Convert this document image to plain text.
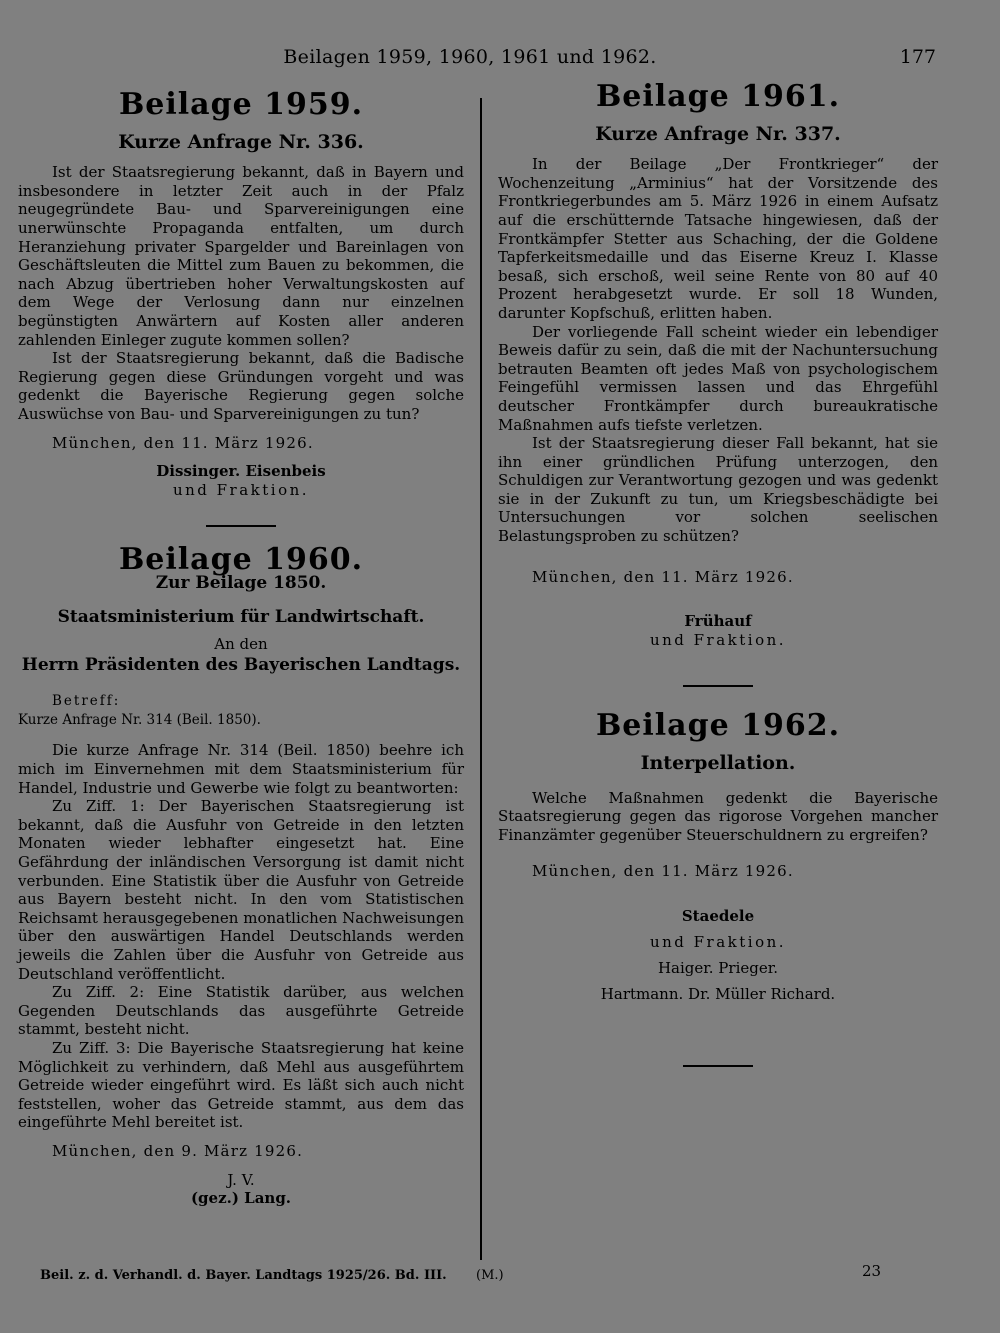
Beilagen 1959, 1960, 1961 und 1962.	177
Beilage 1959.
Kurze Anfrage Nr. 336.

Ist der Staatsregierung bekannt, daß in Bayern und insbesondere in letzter Zeit auch in der Pfalz neugegründete Bau- und Sparvereinigungen eine unerwünschte Propaganda entfalten, um durch Heranziehung privater Spargelder und Bareinlagen von Geschäftsleuten die Mittel zum Bauen zu bekommen, die nach Abzug übertrieben hoher Verwaltungskosten auf dem Wege der Verlosung dann nur einzelnen begünstigten Anwärtern auf Kosten aller anderen zahlenden Einleger zugute kommen sollen?

Ist der Staatsregierung bekannt, daß die Badische Regierung gegen diese Gründungen vorgeht und was gedenkt die Bayerische Regierung gegen solche Auswüchse von Bau- und Sparvereinigungen zu tun?

München, den 11. März 1926.
Dissinger. Eisenbeis
und Fraktion.
Beilage 1960.
Zur Beilage 1850.
Staatsministerium für Landwirtschaft.
An den
Herrn Präsidenten des Bayerischen Landtags.
Betreff:
Kurze Anfrage Nr. 314 (Beil. 1850).

Die kurze Anfrage Nr. 314 (Beil. 1850) beehre ich mich im Einvernehmen mit dem Staatsministerium für Handel, Industrie und Gewerbe wie folgt zu beantworten:

Zu Ziff. 1: Der Bayerischen Staatsregierung ist bekannt, daß die Ausfuhr von Getreide in den letzten Monaten wieder lebhafter eingesetzt hat. Eine Gefährdung der inländischen Versorgung ist damit nicht verbunden. Eine Statistik über die Ausfuhr von Getreide aus Bayern besteht nicht. In den vom Statistischen Reichsamt herausgegebenen monatlichen Nachweisungen über den auswärtigen Handel Deutschlands werden jeweils die Zahlen über die Ausfuhr von Getreide aus Deutschland veröffentlicht.

Zu Ziff. 2: Eine Statistik darüber, aus welchen Gegenden Deutschlands das ausgeführte Getreide stammt, besteht nicht.

Zu Ziff. 3: Die Bayerische Staatsregierung hat keine Möglichkeit zu verhindern, daß Mehl aus ausgeführtem Getreide wieder eingeführt wird. Es läßt sich auch nicht feststellen, woher das Getreide stammt, aus dem das eingeführte Mehl bereitet ist.

München, den 9. März 1926.
J. V.
(gez.) Lang.
Beilage 1961.
Kurze Anfrage Nr. 337.

In der Beilage „Der Frontkrieger“ der Wochenzeitung „Arminius“ hat der Vorsitzende des Frontkriegerbundes am 5. März 1926 in einem Aufsatz auf die erschütternde Tatsache hingewiesen, daß der Frontkämpfer Stetter aus Schaching, der die Goldene Tapferkeitsmedaille und das Eiserne Kreuz I. Klasse besaß, sich erschoß, weil seine Rente von 80 auf 40 Prozent herabgesetzt wurde. Er soll 18 Wunden, darunter Kopfschuß, erlitten haben.

Der vorliegende Fall scheint wieder ein lebendiger Beweis dafür zu sein, daß die mit der Nachuntersuchung betrauten Beamten oft jedes Maß von psychologischem Feingefühl vermissen lassen und das Ehrgefühl deutscher Frontkämpfer durch bureaukratische Maßnahmen aufs tiefste verletzen.

Ist der Staatsregierung dieser Fall bekannt, hat sie ihn einer gründlichen Prüfung unterzogen, den Schuldigen zur Verantwortung gezogen und was gedenkt sie in der Zukunft zu tun, um Kriegsbeschädigte bei Untersuchungen vor solchen seelischen Belastungsproben zu schützen?

München, den 11. März 1926.
Frühauf
und Fraktion.
Beilage 1962.
Interpellation.

Welche Maßnahmen gedenkt die Bayerische Staatsregierung gegen das rigorose Vorgehen mancher Finanzämter gegenüber Steuerschuldnern zu ergreifen?

München, den 11. März 1926.
Staedele
und Fraktion.
Haiger. Prieger.
Hartmann. Dr. Müller Richard.
Beil. z. d. Verhandl. d. Bayer. Landtags 1925/26. Bd. III. (M.)	23
